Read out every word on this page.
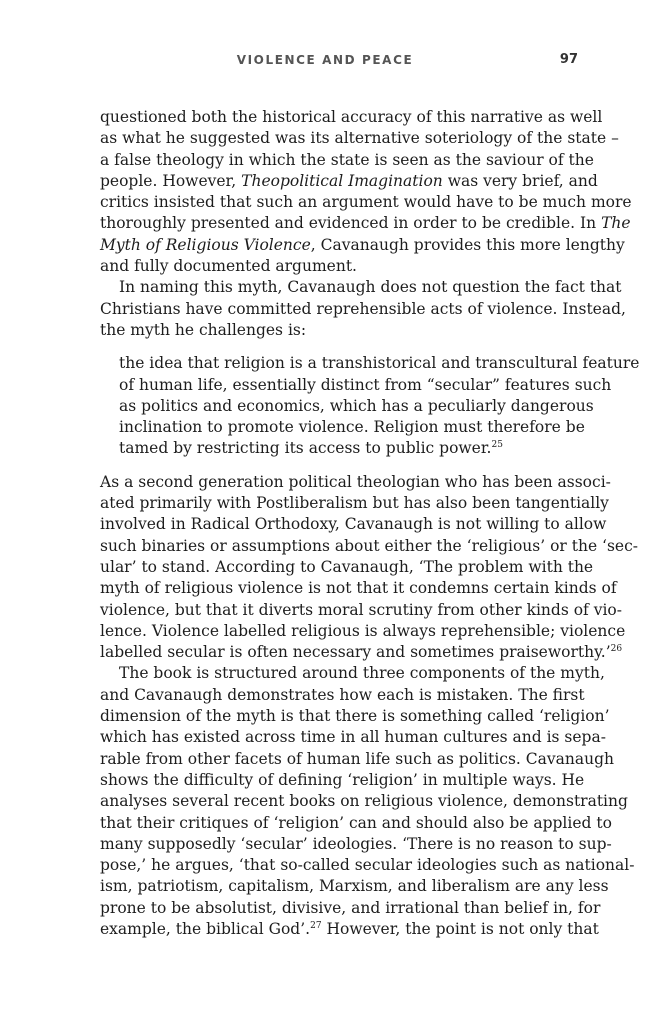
VIOLENCE AND PEACE	97
questioned both the historical accuracy of this narrative as well
as what he suggested was its alternative soteriology of the state –
a false theology in which the state is seen as the saviour of the
people. However, Theopolitical Imagination was very brief, and
critics insisted that such an argument would have to be much more
thoroughly presented and evidenced in order to be credible. In The
Myth of Religious Violence, Cavanaugh provides this more lengthy
and fully documented argument.
In naming this myth, Cavanaugh does not question the fact that
Christians have committed reprehensible acts of violence. Instead,
the myth he challenges is:
the idea that religion is a transhistorical and transcultural feature
of human life, essentially distinct from “secular” features such
as politics and economics, which has a peculiarly dangerous
inclination to promote violence. Religion must therefore be
tamed by restricting its access to public power.$^{25}$
As a second generation political theologian who has been associ-
ated primarily with Postliberalism but has also been tangentially
involved in Radical Orthodoxy, Cavanaugh is not willing to allow
such binaries or assumptions about either the ‘religious’ or the ‘sec-
ular’ to stand. According to Cavanaugh, ‘The problem with the
myth of religious violence is not that it condemns certain kinds of
violence, but that it diverts moral scrutiny from other kinds of vio-
lence. Violence labelled religious is always reprehensible; violence
labelled secular is often necessary and sometimes praiseworthy.’$^{26}$
The book is structured around three components of the myth,
and Cavanaugh demonstrates how each is mistaken. The first
dimension of the myth is that there is something called ‘religion’
which has existed across time in all human cultures and is sepa-
rable from other facets of human life such as politics. Cavanaugh
shows the difficulty of defining ‘religion’ in multiple ways. He
analyses several recent books on religious violence, demonstrating
that their critiques of ‘religion’ can and should also be applied to
many supposedly ‘secular’ ideologies. ‘There is no reason to sup-
pose,’ he argues, ‘that so-called secular ideologies such as national-
ism, patriotism, capitalism, Marxism, and liberalism are any less
prone to be absolutist, divisive, and irrational than belief in, for
example, the biblical God’.$^{27}$ However, the point is not only that
